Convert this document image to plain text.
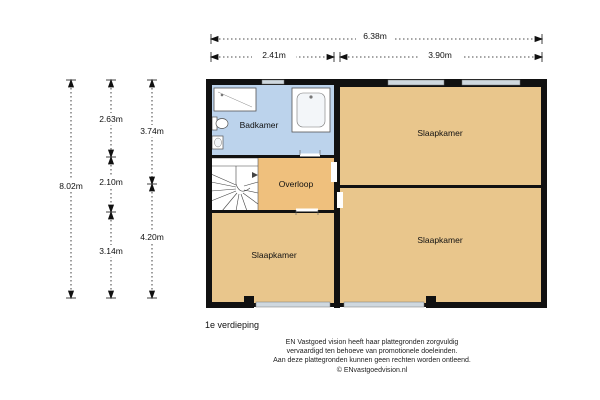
6.38m
2.41m	3.90m
8.02m
2.63m
2.10m
3.14m
3.74m
4.20m
Badkamer
Slaapkamer
Overloop
Slaapkamer
Slaapkamer
1e verdieping
EN Vastgoed vision heeft haar plattegronden zorgvuldig
vervaardigd ten behoeve van promotionele doeleinden.
Aan deze plattegronden kunnen geen rechten worden ontleend.
© ENvastgoedvision.nl
